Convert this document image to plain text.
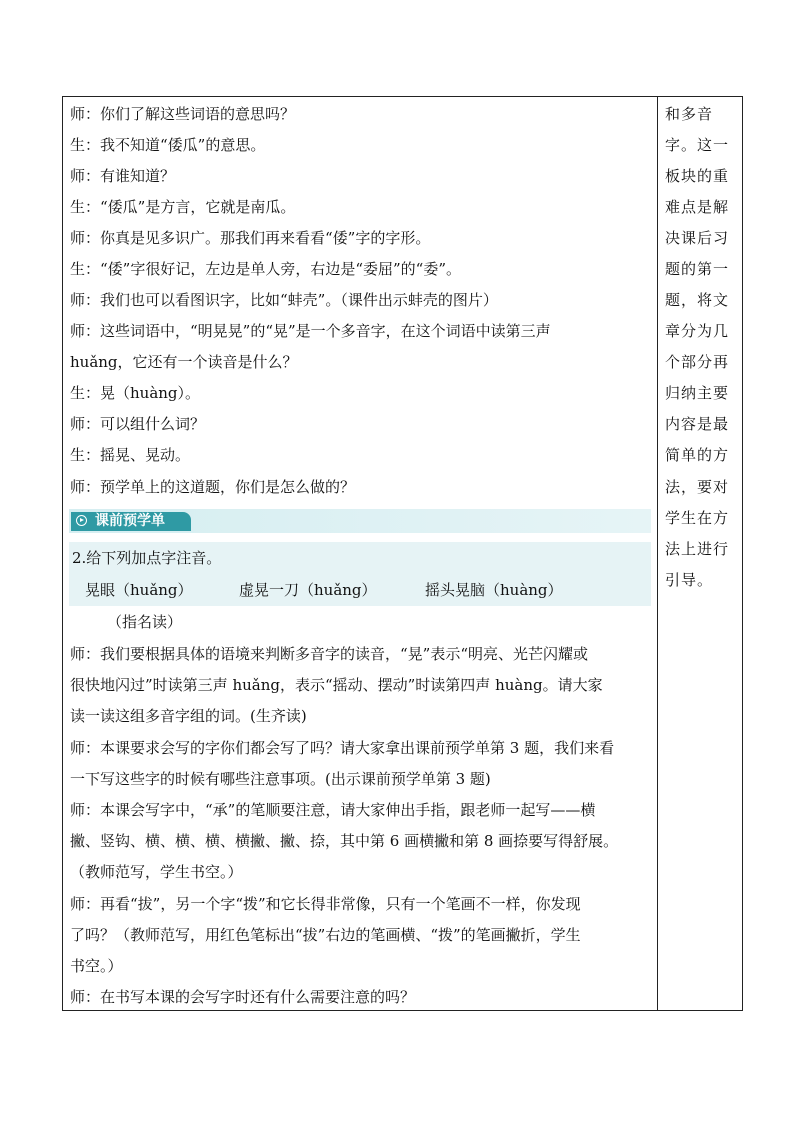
师：你们了解这些词语的意思吗？
生：我不知道“倭瓜”的意思。
师：有谁知道？
生：“倭瓜”是方言，它就是南瓜。
师：你真是见多识广。那我们再来看看“倭”字的字形。
生：“倭”字很好记，左边是单人旁，右边是“委屈”的“委”。
师：我们也可以看图识字，比如“蚌壳”。（课件出示蚌壳的图片）
师：这些词语中，“明晃晃”的“晃”是一个多音字，在这个词语中读第三声
huǎng，它还有一个读音是什么？
生：晃（huàng）。
师：可以组什么词？
生：摇晃、晃动。
师：预学单上的这道题，你们是怎么做的？
课前预学单
2.给下列加点字注音。
晃眼（huǎng）	虚晃一刀（huǎng）	摇头晃脑（huàng）
（指名读）
师：我们要根据具体的语境来判断多音字的读音，“晃”表示“明亮、光芒闪耀或
很快地闪过”时读第三声 huǎng，表示“摇动、摆动”时读第四声 huàng。请大家
读一读这组多音字组的词。(生齐读)
师：本课要求会写的字你们都会写了吗？请大家拿出课前预学单第 3 题，我们来看
一下写这些字的时候有哪些注意事项。(出示课前预学单第 3 题)
师：本课会写字中，“承”的笔顺要注意，请大家伸出手指，跟老师一起写——横
撇、竖钩、横、横、横、横撇、撇、捺，其中第 6 画横撇和第 8 画捺要写得舒展。
（教师范写，学生书空。）
师：再看“拔”，另一个字“拨”和它长得非常像，只有一个笔画不一样，你发现
了吗？（教师范写，用红色笔标出“拔”右边的笔画横、“拨”的笔画撇折，学生
书空。）
师：在书写本课的会写字时还有什么需要注意的吗？
和多音
字。这一
板块的重
难点是解
决课后习
题的第一
题，将文
章分为几
个部分再
归纳主要
内容是最
简单的方
法，要对
学生在方
法上进行
引导。
